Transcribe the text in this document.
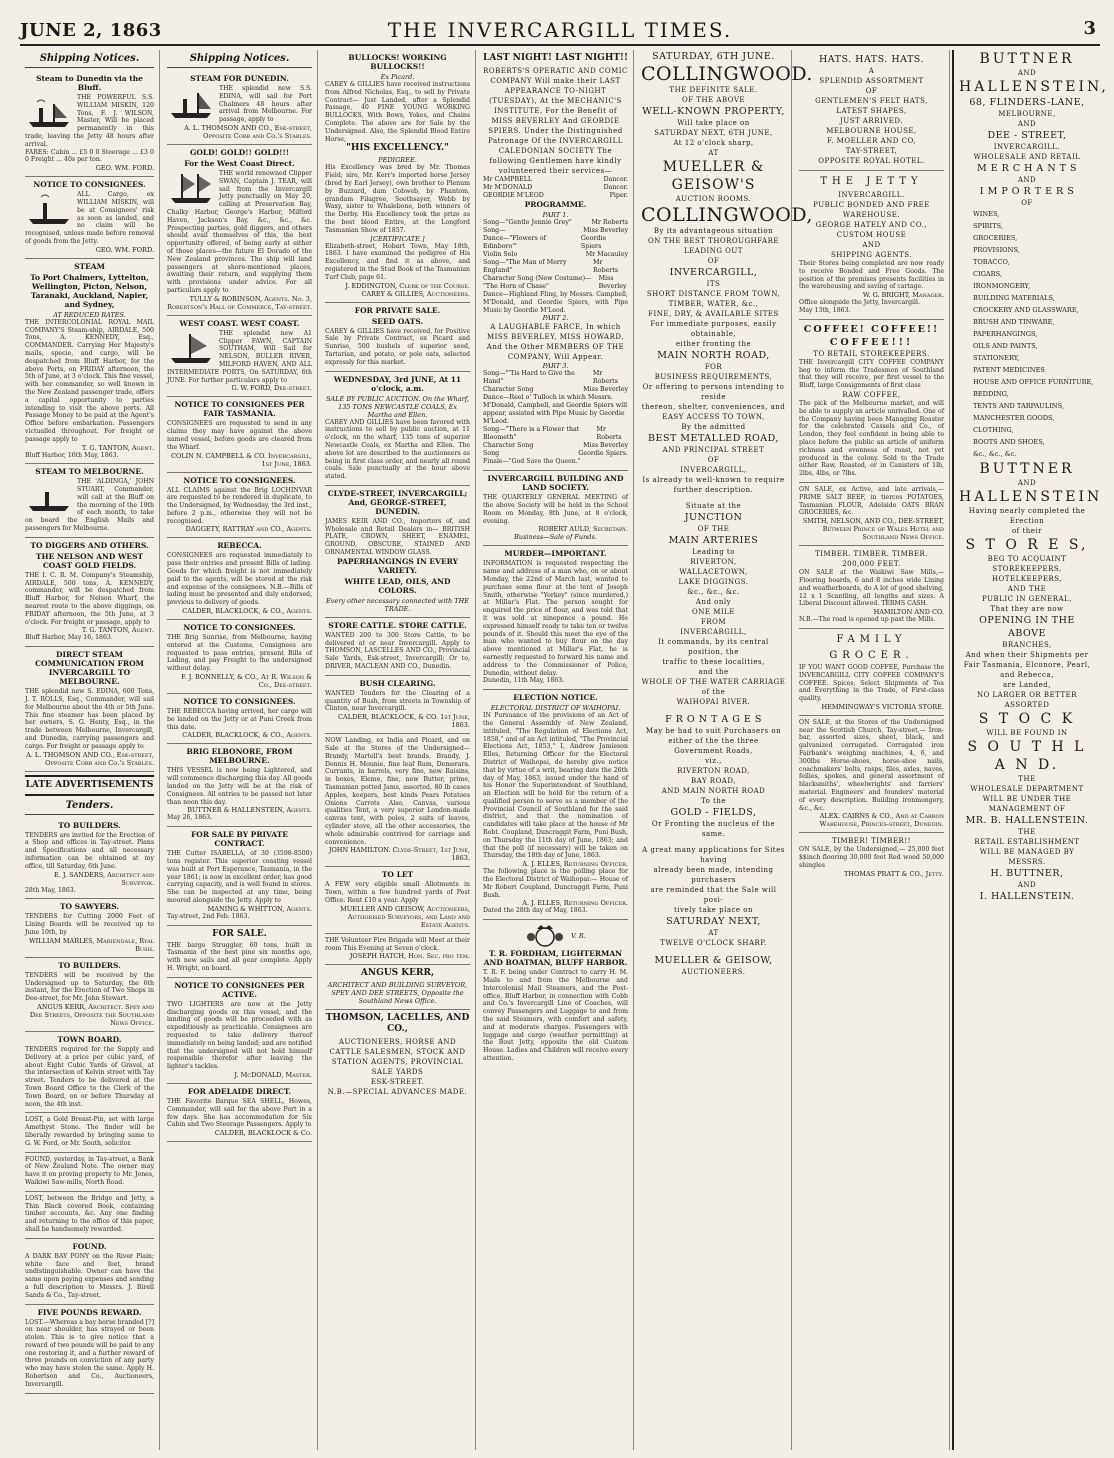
JUNE 2, 1863	THE INVERCARGILL TIMES.	3
Shipping Notices.
Steam to Dunedin via the Bluff.
THE POWERFUL S.S. WILLIAM MISKIN, 120 Tons, F. J. WILSON, Master, Will be placed permanently in this trade, leaving the Jetty 48 hours after arrival.
FARES: Cabin ... £5 0 0 Steerage ... £3 0 0 Freight ... 40s per ton.
GEO. WM. FORD.
NOTICE TO CONSIGNEES.
ALL Cargo, ex WILLIAM MISKIN, will be at Consignees' risk as soon as landed, and no claim will be recognised, unless made before removal of goods from the Jetty.
GEO. WM. FORD.
STEAM
To Port Chalmers, Lyttelton, Wellington, Picton, Nelson, Taranaki, Auckland, Napier, and Sydney,
AT REDUCED RATES.
THE INTERCOLONIAL ROYAL MAIL COMPANY'S Steam-ship, AIRDALE, 500 Tons, A. KENNEDY, Esq., COMMANDER. Carrying Her Majesty's mails, specie, and cargo, will be despatched from Bluff Harbor, for the above Ports, on FRIDAY afternoon, the 5th of June, at 3 o'clock. This fine vessel, with her commander, so well known in the New Zealand passenger trade, offers a capital opportunity to parties intending to visit the above ports. All Passage Money to be paid at the Agent's Office before embarkation. Passengers victualled throughout. For freight or passage apply to
T. G. TANTON, Agent.
Bluff Harbor, 16th May, 1863.
STEAM TO MELBOURNE.
THE 'ALDINGA,' JOHN STUART, Commander, will call at the Bluff on the morning of the 19th of each month, to take on board the English Mails and passengers for Melbourne.
TO DIGGERS AND OTHERS.
THE NELSON AND WEST COAST GOLD FIELDS.
THE I. C. R. M. Company's Steamship, AIRDALE, 500 tons, A. KENNEDY, commander, will be despatched from Bluff Harbor, for Nelson Wharf, the nearest route to the above diggings, on FRIDAY afternoon, the 5th June, at 3 o'clock. For freight or passage, apply to
T. G. TANTON, Agent.
Bluff Harbor, May 16, 1863.
DIRECT STEAM COMMUNICATION FROM INVERCARGILL TO MELBOURNE.
THE splendid new S. EDINA, 600 Tons, J. T. ROLLS, Esq., Commander, will sail for Melbourne about the 4th or 5th June. This fine steamer has been placed by her owners, S. G. Henty, Esq., in the trade between Melbourne, Invercargill, and Dunedin, carrying passengers and cargo. For freight or passage apply to
A. L. THOMSON AND CO., Esk-street, Opposite Cobb and Co.'s Stables.
LATE ADVERTISEMENTS
Tenders.
TO BUILDERS.
TENDERS are invited for the Erection of a Shop and offices in Tay-street. Plans and Specifications and all necessary information can be obtained at my office, till Saturday, 6th June.
E. J. SANDERS, Architect and Surveyor.
28th May, 1863.
TO SAWYERS.
TENDERS for Cutting 2000 Feet of Lining Boards will be received up to June 10th, by
WILLIAM MARLES, Mariendale, Ryal Bush.
TO BUILDERS.
TENDERS will be received by the Undersigned up to Saturday, the 6th instant, for the Erection of Two Shops in Dee-street, for Mr. John Stewart.
ANGUS KERR, Architect. Spey and Dee Streets, Opposite the Southland News Office.
TOWN BOARD.
TENDERS required for the Supply and Delivery at a price per cubic yard, of about Eight Cubic Yards of Gravel, at the intersection of Kelvin street with Tay street. Tenders to be delivered at the Town Board Office to the Clerk of the Town Board, on or before Thursday at noon, the 4th inst.
LOST, a Gold Breast-Pin, set with large Amethyst Stone. The finder will be liberally rewarded by bringing same to G. W. Ford, or Mr. South, solicitor.
FOUND, yesterday, in Tay-street, a Bank of New Zealand Note. The owner may have it on proving property to Mr. Jones, Waikiwi Saw-mills, North Road.
LOST, between the Bridge and Jetty, a Thin Black covered Book, containing timber accounts, &c. Any one finding and returning to the office of this paper, shall be handsomely rewarded.
FOUND.
A DARK BAY PONY on the River Plain; white face and feet, brand undistinguishable. Owner can have the same upon paying expenses and sending a full description to Messrs. J. Birell Sands & Co., Tay-street.
FIVE POUNDS REWARD.
LOST.—Whereas a bay horse branded [?] on near shoulder, has strayed or been stolen. This is to give notice that a reward of two pounds will be paid to any one restoring it, and a further reward of three pounds on conviction of any party who may have stolen the same. Apply H. Robertson and Co., Auctioneers, Invercargill.
Shipping Notices.
STEAM FOR DUNEDIN.
THE splendid new S.S. EDINA, will sail for Port Chalmers 48 hours after arrival from Melbourne. For passage, apply to
A. L. THOMSON AND CO., Esk-street, Opposite Cobb and Co.'s Stables.
GOLD! GOLD!! GOLD!!!
For the West Coast Direct.
THE world renowned Clipper SWAN, Captain J. TEAR, will sail from the Invercargill Jetty punctually on May 20, calling at Preservation Bay, Chalky Harbor, George's Harbor, Milford Haven, Jackson's Bay, &c., &c., &c. Prospecting parties, gold diggers, and others should avail themselves of this, the best opportunity offered, of being early at either of those places—the future El Dorado of the New Zealand provinces. The ship will land passengers at shore-mentioned places, awaiting their return, and supplying them with provisions under advice. For all particulars apply to
TULLY & ROBINSON, Agents. No. 3, Robertson's Hall of Commerce, Tay-street.
WEST COAST. WEST COAST.
THE splendid new A1 Clipper FAWN, CAPTAIN SOUTHAM, Will Sail for NELSON, BULLER RIVER, MILFORD HAVEN, AND ALL INTERMEDIATE PORTS, On SATURDAY, 6th JUNE. For further particulars apply to
G. W. FORD, Dee-street.
NOTICE TO CONSIGNEES PER FAIR TASMANIA.
CONSIGNEES are requested to send in any claims they may have against the above named vessel, before goods are cleared from the Wharf.
COLIN N. CAMPBELL & CO. Invercargill, 1st June, 1863.
NOTICE TO CONSIGNEES.
ALL CLAIMS against the Brig LOCHINVAR are requested to be rendered in duplicate, to the Undersigned, by Wednesday, the 3rd inst., before 2 p.m., otherwise they will not be recognised.
DAGGETY, RATTRAY and CO., Agents.
REBECCA.
CONSIGNEES are requested immediately to pass their entries and present Bills of lading. Goods for which freight is not immediately paid to the agents, will be stored at the risk and expense of the consignees. N.B.—Bills of lading must be presented and duly endorsed, previous to delivery of goods.
CALDER, BLACKLOCK, & CO., Agents.
NOTICE TO CONSIGNEES.
THE Brig Sunrise, from Melbourne, having entered at the Customs, Consignees are requested to pass entries, present Bills of Lading, and pay Freight to the undersigned without delay.
F. J. BONNELLY, & CO., At R. Wilson & Co., Dee-street.
NOTICE TO CONSIGNEES.
THE REBECCA having arrived, her cargo will be landed on the Jetty or at Puni Creek from this date.
CALDER, BLACKLOCK, & CO., Agents.
BRIG ELBONORE, FROM MELBOURNE.
THIS VESSEL is now being Lightered, and will commence discharging this day. All goods landed on the Jetty will be at the risk of Consignees. All entries to be passed not later than noon this day.
BUTTNER & HALLENSTEIN, Agents.
May 26, 1863.
FOR SALE BY PRIVATE CONTRACT.
THE Cutter ISABELLA, of 30 (3598-8500) tons register. This superior coasting vessel was built at Port Esperance, Tasmania, in the year 1861; is now in excellent order, has good carrying capacity, and is well found in stores. She can be inspected at any time, being moored alongside the Jetty. Apply to
MANING & WHITTON, Agents.
Tay-street, 2nd Feb. 1863.
FOR SALE.
THE barge Struggler, 60 tons, built in Tasmania of the best pine six months ago, with new sails and all gear complete. Apply H. Wright, on board.
NOTICE TO CONSIGNEES PER ACTIVE.
TWO LIGHTERS are now at the Jetty discharging goods ex this vessel, and the landing of goods will be proceeded with as expeditiously as practicable. Consignees are requested to take delivery thereof immediately on being landed; and are notified that the undersigned will not hold himself responsible therefor after leaving the lighter's tackles.
J. McDONALD, Master.
FOR ADELAIDE DIRECT.
THE Favorite Barque SEA SHELL, Howes, Commander, will sail for the above Port in a few days. She has accommodation for Six Cabin and Two Steerage Passengers. Apply to
CALDER, BLACKLOCK & Co.
BULLOCKS! WORKING BULLOCKS!!
Ex Picard.
CAREY & GILLIES have received instructions from Alfred Nicholas, Esq., to sell by Private Contract— Just Landed, after a Splendid Passage, 40 FINE YOUNG WORKING BULLOCKS, With Bows, Yokes, and Chains Complete. The above are for Sale by the Undersigned. Also, the Splendid Blood Entire Horse,
"HIS EXCELLENCY."
PEDIGREE.
His Excellency was bred by Mr. Thomas Field; sire, Mr. Kerr's imported horse Jersey (bred by Earl Jersey), own brother to Plenum by Buzzard, dam Cobweb, by Phantom, grandam Filagree, Soothsayer, Webb by Waxy, sister to Whalebone, both winners of the Derby. His Excellency took the prize as the best blood Entire, at the Longford Tasmanian Show of 1857.
[CERTIFICATE.]
Elizabeth-street, Hobart Town, May 18th, 1863. I have examined the pedigree of His Excellency, and find it as above, and registered in the Stud Book of the Tasmanian Turf Club, page 61.
J. EDDINGTON, Clerk of the Course.
CAREY & GILLIES, Auctioneers.
FOR PRIVATE SALE.
SEED OATS.
CAREY & GILLIES have received, for Positive Sale by Private Contract, ex Picard and Sunrise, 500 bushels of superior seed, Tartarian, and potato, or pole oats, selected expressly for this market.
WEDNESDAY, 3rd JUNE, At 11 o'clock, a.m.
SALE BY PUBLIC AUCTION. On the Wharf, 135 TONS NEWCASTLE COALS, Ex Martha and Ellen.
CAREY AND GILLIES have been favored with instructions to sell by public auction, at 11 o'clock, on the wharf, 135 tons of superior Newcastle Coals, ex Martha and Ellen. The above lot are described to the auctioneers as being in first class order, and nearly all round coals. Sale punctually at the hour above stated.
CLYDE-STREET, INVERCARGILL; And, GEORGE-STREET, DUNEDIN.
JAMES KEIR AND CO., Importers of, and Wholesale and Retail Dealers in— BRITISH PLATE, CROWN, SHEET, ENAMEL, GROUND, OBSCURE, STAINED AND ORNAMENTAL WINDOW GLASS.
PAPERHANGINGS IN EVERY VARIETY.
WHITE LEAD, OILS, AND COLORS.
Every other necessary connected with THE TRADE.
STORE CATTLE. STORE CATTLE.
WANTED 200 to 300 Store Cattle, to be delivered at or near Invercargill. Apply to THOMSON, LASCELLES AND CO., Provincial Sale Yards, Esk-street, Invercargill; Or to, DRIVER, MACLEAN AND CO., Dunedin.
BUSH CLEARING.
WANTED Tenders for the Clearing of a quantity of Bush, from streets in Township of Clinton, near Invercargill.
CALDER, BLACKLOCK, & CO. 1st June, 1863.
NOW Landing, ex India and Picard, and on Sale at the Stores of the Undersigned— Brandy, Martell's best brands. Brandy, J. Dennis H. Mounie, fine leaf Rum, Demerara. Currants, in barrels, very fine, new Raisins, in boxes, Eleme, fine, new Butter, prime, Tasmanian potted Jams, assorted, 80 lb cases Apples, keepers, best kinds Pears Potatoes Onions Carrots Also, Canvas, various qualities Tent, a very superior London-made canvas tent, with poles, 2 suits of leaves, cylinder stove, all the other accessories, the whole admirable contrived for carriage and convenience.
JOHN HAMILTON. Clyde-Street, 1st June, 1863.
TO LET
A FEW very eligible small Allotments in Town, within a few hundred yards of Post Office. Rent £10 a year. Apply
MUELLER AND GEISOW, Auctioneers, Authorised Surveyors, and Land and Estate Agents.
THE Volunteer Fire Brigade will Meet at their room This Evening at Seven o'clock.
JOSEPH HATCH, Hon. Sec. pro tem.
ANGUS KERR,
ARCHITECT AND BUILDING SURVEYOR, SPEY AND DEE STREETS, Opposite the Southland News Office.
THOMSON, LACELLES, AND CO.,
AUCTIONEERS, HORSE AND CATTLE SALESMEN, STOCK AND STATION AGENTS, PROVINCIAL SALE YARDS
ESK-STREET.
N.B.—SPECIAL ADVANCES MADE.
LAST NIGHT! LAST NIGHT!!
ROBERTS'S OPERATIC AND COMIC COMPANY Will make their LAST APPEARANCE TO-NIGHT (TUESDAY), At the MECHANIC'S INSTITUTE, For the Benefit of MISS BEVERLEY And GEORDIE SPIERS. Under the Distinguished Patronage Of the INVERCARGILL CALEDONIAN SOCIETY The following Gentlemen have kindly volunteered their services—
Mr CAMPBELL	Dancer.
Mr M'DONALD	Dancer.
GEORDIE M'LEOD	Piper.
PROGRAMME.
PART 1.
Song—"Gentle Jennie Grey"	Mr Roberts
Song—	Miss Beverley
Dance—"Flowers of Edinboro'"
Geordie Spiers
Violin Solo	Mr Macauley
Song—"The Man of Merry England"
Mr Roberts
Character Song (New Costume)— "The Horn of Chase"
Miss Beverley
Dance—Highland Fling, by Messrs. Campbell, M'Donald, and Geordie Spiers, with Pipe Music by Geordie M'Leod.
PART 2.
A LAUGHABLE FARCE, In which MISS BEVERLEY, MISS HOWARD, And the Other MEMBERS OF THE COMPANY, Will Appear.
PART 3.
Song—"'Tis Hard to Give the Hand"
Mr Roberts
Character Song	Miss Beverley
Dance—Reel o' Tulloch in which Messrs. M'Donald, Campbell, and Geordie Spiers will appear, assisted with Pipe Music by Geordie M'Leod.
Song—"There is a Flower that Bloometh"
Mr Roberts
Character Song	Miss Beverley
Song	Geordie Spiers.
Finale—"God Save the Queen."
INVERCARGILL BUILDING AND LAND SOCIETY.
THE QUARTERLY GENERAL MEETING of the above Society will be held in the School Room on Monday, 8th June, at 8 o'clock, evening.
ROBERT AULD, Secretary.
Business—Sale of Funds.
MURDER—IMPORTANT.
INFORMATION is requested respecting the name and address of a man who, on or about Monday, the 22nd of March last, wanted to purchase some flour at the tent of Joseph Smith, otherwise "Yorkey" (since murdered,) at Millar's Flat. The person sought for enquired the price of flour, and was told that it was sold at ninepence a pound. He expressed himself ready to take ten or twelve pounds of it. Should this meet the eye of the man who wanted to buy flour on the day above mentioned at Millar's Flat, he is earnestly requested to forward his name and address to the Commissioner of Police, Dunedin, without delay.
Dunedin, 11th May, 1863.
ELECTION NOTICE.
ELECTORAL DISTRICT OF WAIHOPAI.
IN Pursuance of the provisions of an Act of the General Assembly of New Zealand, intituled, "The Regulation of Elections Act, 1858," and of an Act intituled, "The Provincial Elections Act, 1853," I, Andrew Jamieson Elles, Returning Officer for the Electoral District of Waihopai, do hereby give notice that by virtue of a writ, bearing date the 26th day of May, 1863, issued under the hand of his Honor the Superintendent of Southland, an Election will be held for the return of a qualified person to serve as a member of the Provincial Council of Southland for the said district, and that the nomination of candidates will take place at the house of Mr Robt. Coupland, Duncraggit Farm, Puni Bush, on Thursday the 11th day of June, 1863; and that the poll (if necessary) will be taken on Thursday, the 18th day of June, 1863.
A. J. ELLES, Returning Officer.
The following place is the polling place for the Electoral District of Waihopai:— House of Mr Robert Coupland, Duncraggit Farm, Puni Bush.
A. J. ELLES, Returning Officer.
Dated the 28th day of May, 1863.
V. R.
T. R. FORDHAM, LIGHTERMAN AND BOATMAN, BLUFF HARBOR.
T. R. F. being under Contract to carry H. M. Mails to and from the Melbourne and Intercolonial Mail Steamers, and the Post-office, Bluff Harbor, in connection with Cobb and Co.'s Invercargill Line of Coaches, will convey Passengers and Luggage to and from the said Steamers, with comfort and safety, and at moderate charges. Passengers with luggage and cargo (weather permitting) at the Bout Jetty, opposite the old Custom House. Ladies and Children will receive every attention.
SATURDAY, 6TH JUNE.
COLLINGWOOD.
THE DEFINITE SALE.
OF THE ABOVE
WELL-KNOWN PROPERTY,
Will take place on
SATURDAY NEXT, 6TH JUNE,
At 12 o'clock sharp,
AT
MUELLER & GEISOW'S
AUCTION ROOMS.
COLLINGWOOD,
By its advantageous situation
ON THE BEST THOROUGHFARE
LEADING OUT
OF
INVERCARGILL,
ITS
SHORT DISTANCE FROM TOWN,
TIMBER, WATER, &c.,
FINE, DRY, & AVAILABLE SITES
For immediate purposes, easily obtainable,
either fronting the
MAIN NORTH ROAD,
FOR
BUSINESS REQUIREMENTS,
Or offering to persons intending to reside
thereon, shelter, conveniences, and
EASY ACCESS TO TOWN,
By the admitted
BEST METALLED ROAD,
AND PRINCIPAL STREET
OF
INVERCARGILL,
Is already to well-known to require
further description.
Situate at the
JUNCTION
OF THE
MAIN ARTERIES
Leading to
RIVERTON,
WALLACETOWN,
LAKE DIGGINGS.
&c., &c., &c.
And only
ONE MILE
FROM
INVERCARGILL,
It commands, by its central position, the
traffic to these localities,
and the
WHOLE OF THE WATER CARRIAGE
of the
WAIHOPAI RIVER.
F R O N T A G E S
May be had to suit Purchasers on
either of the the three
Government Roads,
viz.,
RIVERTON ROAD,
BAY ROAD,
AND MAIN NORTH ROAD
To the
GOLD - FIELDS,
Or Fronting the nucleus of the same.
A great many applications for Sites having
already been made, intending purchasers
are reminded that the Sale will posi-
tively take place on
SATURDAY NEXT,
AT
TWELVE O'CLOCK SHARP.
MUELLER & GEISOW,
AUCTIONEERS.
HATS. HATS. HATS.
A
SPLENDID ASSORTMENT
OF
GENTLEMEN'S FELT HATS,
LATEST SHAPES,
JUST ARRIVED.
MELBOURNE HOUSE,
F. MOELLER AND CO,
TAY-STREET,
OPPOSITE ROYAL HOTEL.
THE JETTY
INVERCARGILL.
PUBLIC BONDED AND FREE
WAREHOUSE.
GEORGE HATELY AND CO.,
CUSTOM HOUSE
AND
SHIPPING AGENTS.
Their Stores being completed are now ready to receive Bonded and Free Goods. The position of the premises presents facilities in the warehousing and saving of cartage.
W. G. BRIGHT, Manager.
Office alongside the Jetty, Invercargill.
May 13th, 1863.
COFFEE! COFFEE!!
COFFEE!!!
TO RETAIL STOREKEEPERS.
THE Invercargill CITY COFFEE COMPANY beg to inform the Tradesmen of Southland that they will receive, per first vessel to the Bluff, large Consignments of first class
RAW COFFEE,
The pick of the Melbourne market, and will be able to supply an article unrivalled. One of the Company having been Managing Roaster for the celebrated Cassels and Co., of London, they feel confident in being able to place before the public an article of uniform richness and evenness of roast, not yet produced in the colony. Sold to the Trade either Raw, Roasted, or in Canisters of 1lb, 2lbs, 4lbs, or 7lbs.
ON SALE, ex Active, and late arrivals,— PRIME SALT BEEF, in tierces POTATOES, Tasmanian FLOUR, Adelaide OATS BRAN GROCERIES, &c.
SMITH, NELSON, AND CO., DEE-STREET, Between Prince of Wales Hotel and Southland News Office.
TIMBER. TIMBER. TIMBER.
200,000 FEET.
ON SALE at the Waikiwi Saw Mills,— Flooring boards, 6 and 8 inches wide Lining and weatherboards, do A lot of good shelving, 12 x 1 Scantling, all lengths and sizes. A Liberal Discount allowed. TERMS CASH.
HAMILTON AND CO.
N.B.—The road is opened up past the Mills.
FAMILY GROCER.
IF YOU WANT GOOD COFFEE, Purchase the INVERCARGILL CITY COFFEE COMPANY'S COFFEE. Spices, Select Shipments of Tea and Everything in the Trade, of First-class quality.
HEMMINGWAY'S VICTORIA STORE.
ON SALE, at the Stores of the Undersigned near the Scottish Church, Tay-street,— Iron-bar, assorted sizes, sheet, black, and galvanized corrugated. Corrugated iron Fairbank's weighing machines, 4, 6, and 300lbs Horse-shoes, horse-shoe nails, coachmakers' bolts, rasps, files, axles, naves, fellies, spokes, and general assortment of blacksmiths', wheelwrights' and farriers' material. Engineers' and founders' material of every description. Building ironmongery, &c., &c.
ALEX. CAIRNS & CO., And at Carron Warehouse, Princes-street, Dunedin.
TIMBER! TIMBER!!
ON SALE, by the Undersigned,— 25,000 feet $$inch flooring 30,000 feet Red wood 50,000 shingles
THOMAS PRATT & CO., Jetty.
BUTTNER
AND
HALLENSTEIN,
68, FLINDERS-LANE,
MELBOURNE,
AND
DEE - STREET,
INVERCARGILL.
WHOLESALE AND RETAIL
M E R C H A N T S
AND
I M P O R T E R S
OF
WINES,
SPIRITS,
GROCERIES,
PROVISIONS,
TOBACCO,
CIGARS,
IRONMONGERY,
BUILDING MATERIALS,
CROCKERY AND GLASSWARE,
BRUSH AND TINWARE,
PAPERHANGINGS,
OILS AND PAINTS,
STATIONERY,
PATENT MEDICINES
HOUSE AND OFFICE FURNITURE,
BEDDING,
TENTS AND TARPAULINS,
MANCHESTER GOODS,
CLOTHING,
BOOTS AND SHOES,
&c., &c., &c.
BUTTNER
AND
HALLENSTEIN
Having nearly completed the Erection
of their
S T O R E S,
BEG TO ACQUAINT
STOREKEEPERS, HOTELKEEPERS,
AND THE
PUBLIC IN GENERAL,
That they are now
OPENING IN THE ABOVE
BRANCHES,
And when their Shipments per Fair Tasmania, Elconore, Pearl, and Rebecca,
are Landed,
NO LARGER OR BETTER ASSORTED
S T O C K
WILL BE FOUND IN
S O U T H L A N D.
THE
WHOLESALE DEPARTMENT
WILL BE UNDER THE MANAGEMENT OF
MR. B. HALLENSTEIN.
THE
RETAIL ESTABLISHMENT
WILL BE MANAGED BY
MESSRS.
H. BUTTNER,
AND
I. HALLENSTEIN.
